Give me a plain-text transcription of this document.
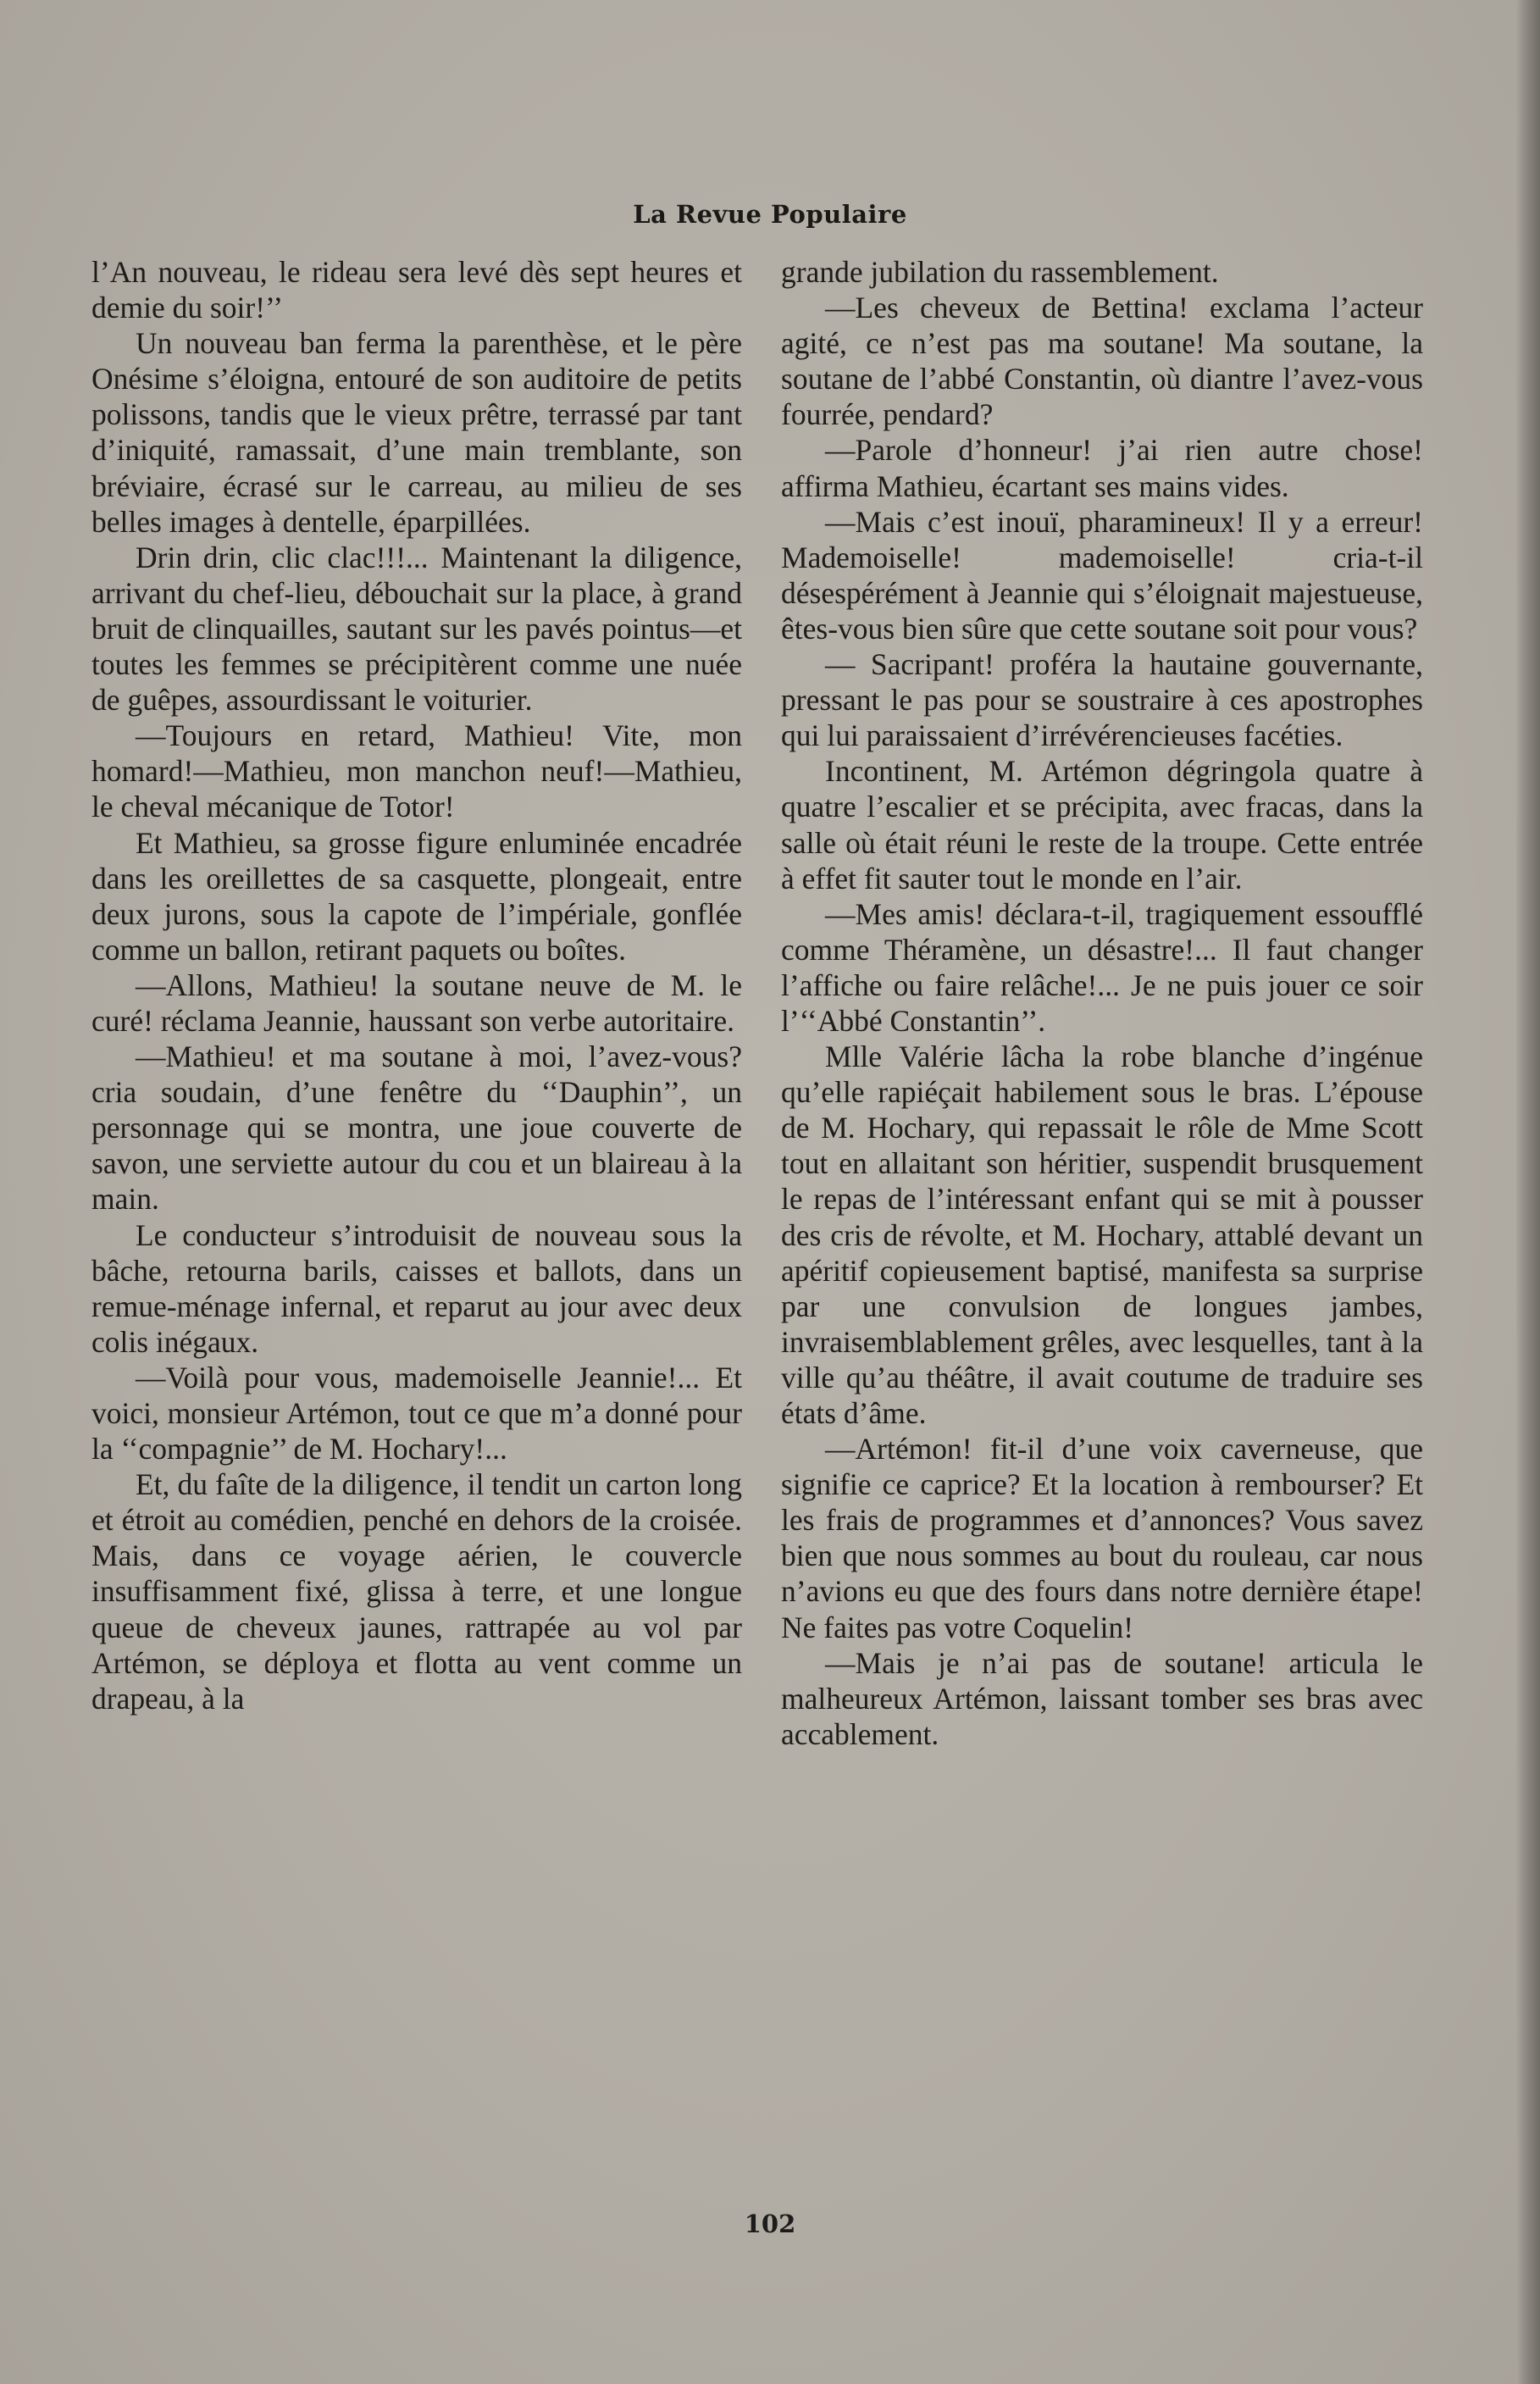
La Revue Populaire

l’An nouveau, le rideau sera levé dès sept heures et demie du soir!’’

Un nouveau ban ferma la parenthèse, et le père Onésime s’éloigna, entouré de son auditoire de petits polissons, tandis que le vieux prêtre, terrassé par tant d’iniquité, ramassait, d’une main tremblante, son bréviaire, écrasé sur le carreau, au milieu de ses belles images à dentelle, éparpillées.

Drin drin, clic clac!!!... Maintenant la diligence, arrivant du chef-lieu, débouchait sur la place, à grand bruit de clinquailles, sautant sur les pavés pointus—et toutes les femmes se précipitèrent comme une nuée de guêpes, assourdissant le voiturier.

—Toujours en retard, Mathieu! Vite, mon homard!—Mathieu, mon manchon neuf!—Mathieu, le cheval mécanique de Totor!

Et Mathieu, sa grosse figure enluminée encadrée dans les oreillettes de sa casquette, plongeait, entre deux jurons, sous la capote de l’impériale, gonflée comme un ballon, retirant paquets ou boîtes.

—Allons, Mathieu! la soutane neuve de M. le curé! réclama Jeannie, haussant son verbe autoritaire.

—Mathieu! et ma soutane à moi, l’avez-vous? cria soudain, d’une fenêtre du ‘‘Dauphin’’, un personnage qui se montra, une joue couverte de savon, une serviette autour du cou et un blaireau à la main.

Le conducteur s’introduisit de nouveau sous la bâche, retourna barils, caisses et ballots, dans un remue-ménage infernal, et reparut au jour avec deux colis inégaux.

—Voilà pour vous, mademoiselle Jeannie!... Et voici, monsieur Artémon, tout ce que m’a donné pour la ‘‘compagnie’’ de M. Hochary!...

Et, du faîte de la diligence, il tendit un carton long et étroit au comédien, penché en dehors de la croisée. Mais, dans ce voyage aérien, le couvercle insuffisamment fixé, glissa à terre, et une longue queue de cheveux jaunes, rattrapée au vol par Artémon, se déploya et flotta au vent comme un drapeau, à la

grande jubilation du rassemblement.

—Les cheveux de Bettina! exclama l’acteur agité, ce n’est pas ma soutane! Ma soutane, la soutane de l’abbé Constantin, où diantre l’avez-vous fourrée, pendard?

—Parole d’honneur! j’ai rien autre chose! affirma Mathieu, écartant ses mains vides.

—Mais c’est inouï, pharamineux! Il y a erreur! Mademoiselle! mademoiselle! cria-t-il désespérément à Jeannie qui s’éloignait majestueuse, êtes-vous bien sûre que cette soutane soit pour vous?

— Sacripant! proféra la hautaine gouvernante, pressant le pas pour se soustraire à ces apostrophes qui lui paraissaient d’irrévérencieuses facéties.

Incontinent, M. Artémon dégringola quatre à quatre l’escalier et se précipita, avec fracas, dans la salle où était réuni le reste de la troupe. Cette entrée à effet fit sauter tout le monde en l’air.

—Mes amis! déclara-t-il, tragiquement essoufflé comme Théramène, un désastre!... Il faut changer l’affiche ou faire relâche!... Je ne puis jouer ce soir l’‘‘Abbé Constantin’’.

Mlle Valérie lâcha la robe blanche d’ingénue qu’elle rapiéçait habilement sous le bras. L’épouse de M. Hochary, qui repassait le rôle de Mme Scott tout en allaitant son héritier, suspendit brusquement le repas de l’intéressant enfant qui se mit à pousser des cris de révolte, et M. Hochary, attablé devant un apéritif copieusement baptisé, manifesta sa surprise par une convulsion de longues jambes, invraisemblablement grêles, avec lesquelles, tant à la ville qu’au théâtre, il avait coutume de traduire ses états d’âme.

—Artémon! fit-il d’une voix caverneuse, que signifie ce caprice? Et la location à rembourser? Et les frais de programmes et d’annonces? Vous savez bien que nous sommes au bout du rouleau, car nous n’avions eu que des fours dans notre dernière étape! Ne faites pas votre Coquelin!

—Mais je n’ai pas de soutane! articula le malheureux Artémon, laissant tomber ses bras avec accablement.

102
